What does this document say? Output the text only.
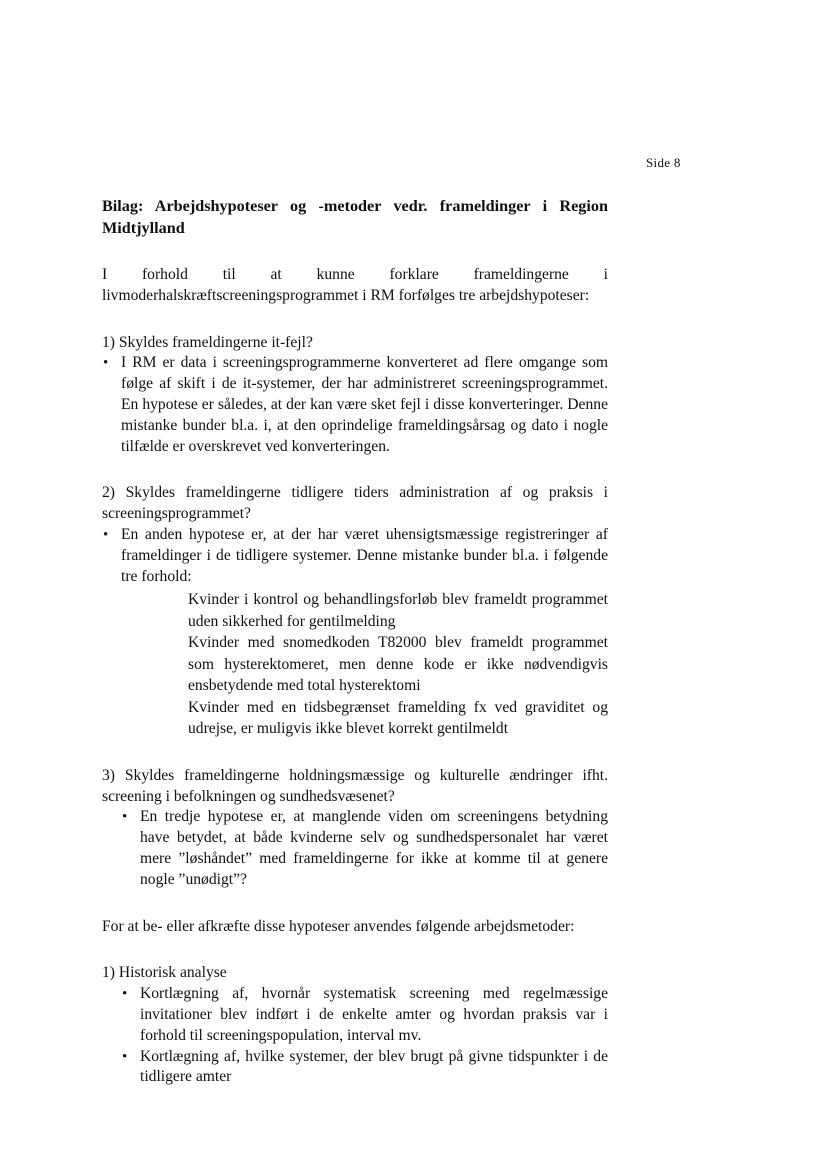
Side 8

Bilag: Arbejdshypoteser og -metoder vedr. frameldinger i Region Midtjylland

I forhold til at kunne forklare frameldingerne i livmoderhalskræftscreeningsprogrammet i RM forfølges tre arbejdshypoteser:

1) Skyldes frameldingerne it-fejl?

• I RM er data i screeningsprogrammerne konverteret ad flere omgange som følge af skift i de it-systemer, der har administreret screeningsprogrammet. En hypotese er således, at der kan være sket fejl i disse konverteringer. Denne mistanke bunder bl.a. i, at den oprindelige frameldingsårsag og dato i nogle tilfælde er overskrevet ved konverteringen.

2) Skyldes frameldingerne tidligere tiders administration af og praksis i screeningsprogrammet?

• En anden hypotese er, at der har været uhensigtsmæssige registreringer af frameldinger i de tidligere systemer. Denne mistanke bunder bl.a. i følgende tre forhold:
Kvinder i kontrol og behandlingsforløb blev frameldt programmet uden sikkerhed for gentilmelding
Kvinder med snomedkoden T82000 blev frameldt programmet som hysterektomeret, men denne kode er ikke nødvendigvis ensbetydende med total hysterektomi
Kvinder med en tidsbegrænset framelding fx ved graviditet og udrejse, er muligvis ikke blevet korrekt gentilmeldt

3) Skyldes frameldingerne holdningsmæssige og kulturelle ændringer ifht. screening i befolkningen og sundhedsvæsenet?

• En tredje hypotese er, at manglende viden om screeningens betydning have betydet, at både kvinderne selv og sundhedspersonalet har været mere ”løshåndet” med frameldingerne for ikke at komme til at genere nogle ”unødigt”?

For at be- eller afkræfte disse hypoteser anvendes følgende arbejdsmetoder:

1) Historisk analyse

• Kortlægning af, hvornår systematisk screening med regelmæssige invitationer blev indført i de enkelte amter og hvordan praksis var i forhold til screeningspopulation, interval mv.
• Kortlægning af, hvilke systemer, der blev brugt på givne tidspunkter i de tidligere amter
